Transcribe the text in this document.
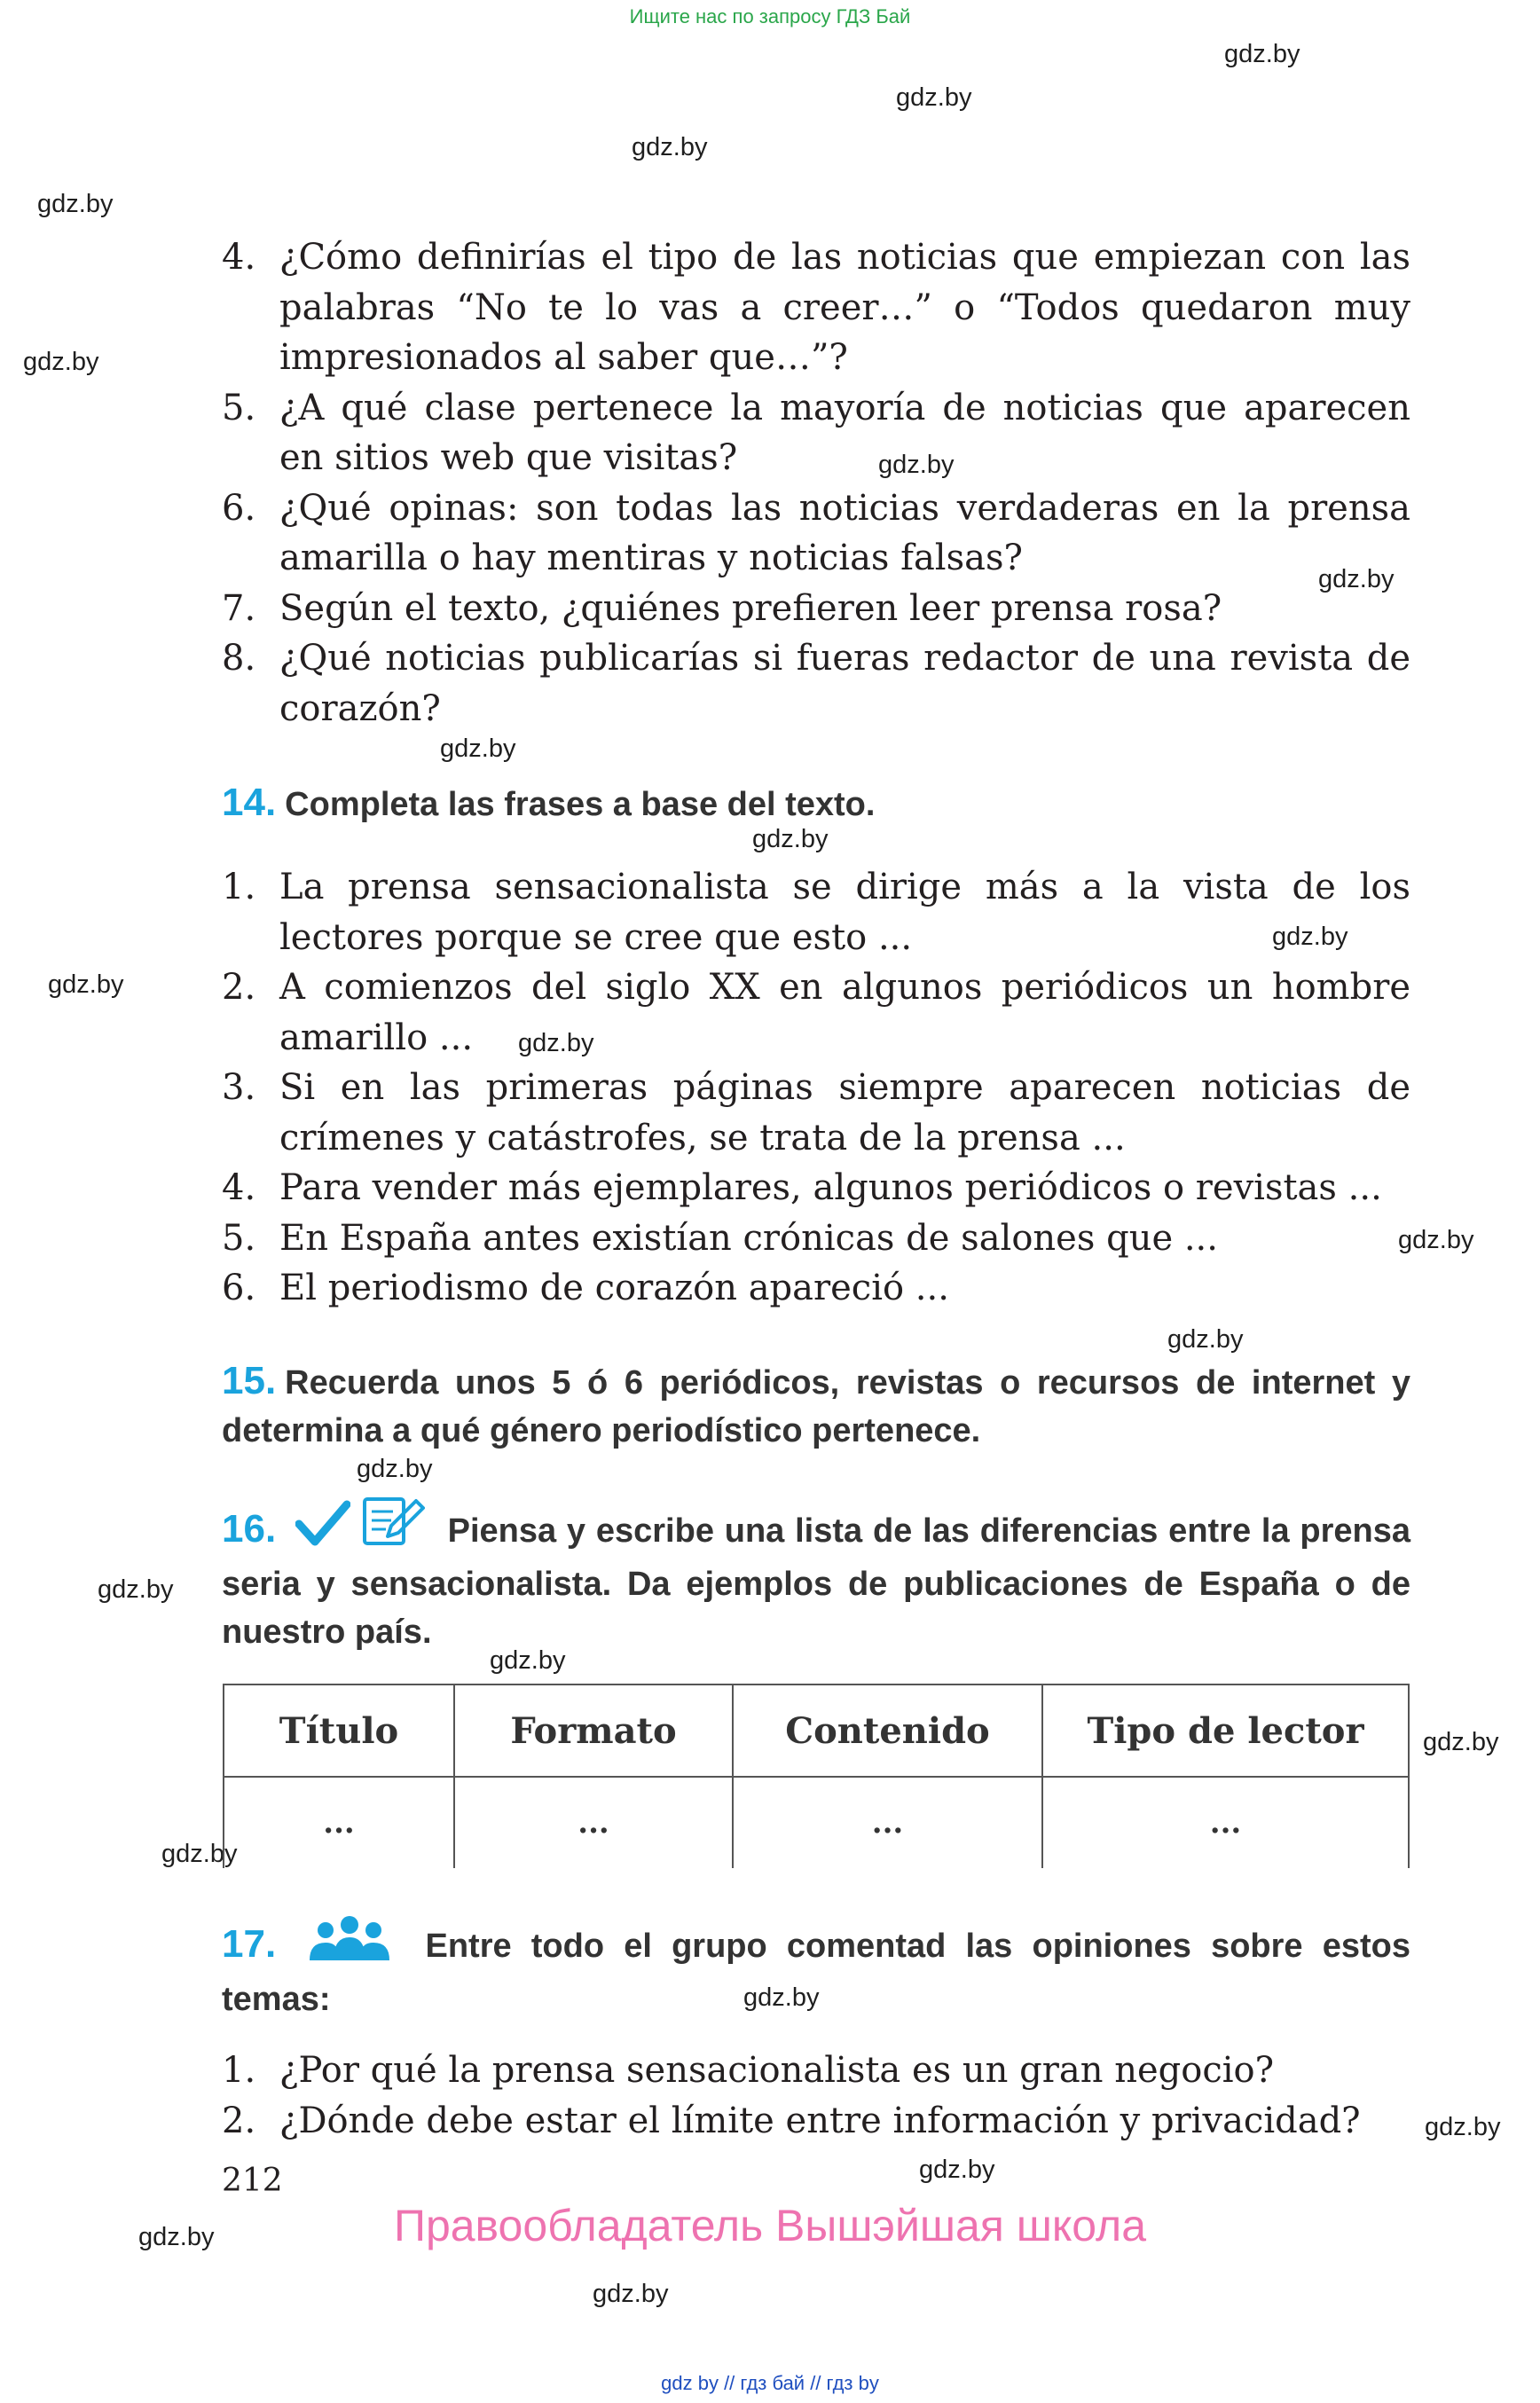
Ищите нас по запросу ГДЗ Бай
gdz.by
gdz.by
gdz.by
gdz.by
gdz.by
gdz.by
gdz.by
gdz.by
gdz.by
gdz.by
gdz.by
gdz.by
gdz.by
gdz.by
gdz.by
gdz.by
gdz.by
gdz.by
gdz.by
gdz.by
gdz.by
gdz.by
gdz.by
gdz.by
4. ¿Cómo definirías el tipo de las noticias que empiezan con las palabras “No te lo vas a creer…” o “Todos quedaron muy impresionados al saber que…”?
5. ¿A qué clase pertenece la mayoría de noticias que aparecen en sitios web que visitas?
6. ¿Qué opinas: son todas las noticias verdaderas en la prensa amarilla o hay mentiras y noticias falsas?
7. Según el texto, ¿quiénes prefieren leer prensa rosa?
8. ¿Qué noticias publicarías si fueras redactor de una revista de corazón?
14. Completa las frases a base del texto.
1. La prensa sensacionalista se dirige más a la vista de los lectores porque se cree que esto ...
2. A comienzos del siglo XX en algunos periódicos un hombre amarillo ...
3. Si en las primeras páginas siempre aparecen noticias de crímenes y catástrofes, se trata de la prensa ...
4. Para vender más ejemplares, algunos periódicos o revistas ...
5. En España antes existían crónicas de salones que ...
6. El periodismo de corazón apareció ...
15. Recuerda unos 5 ó 6 periódicos, revistas o recursos de internet y determina a qué género periodístico pertenece.
16.	Piensa y escribe una lista de las diferencias entre la prensa seria y sensacionalista. Da ejemplos de publicaciones de España o de nuestro país.
Título	Formato	Contenido	Tipo de lector
...	...	...	...
17.	Entre todo el grupo comentad las opiniones sobre estos temas:
1. ¿Por qué la prensa sensacionalista es un gran negocio?
2. ¿Dónde debe estar el límite entre información y privacidad?
212
Правообладатель Вышэйшая школа
gdz by // гдз бай // гдз by
